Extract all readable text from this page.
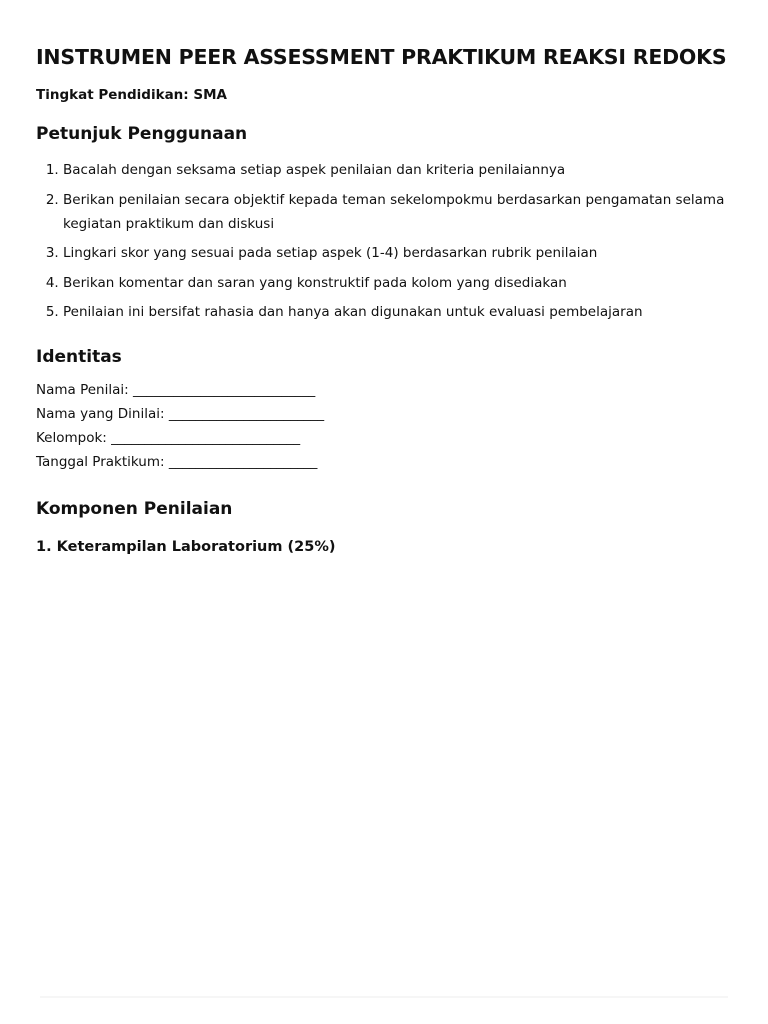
INSTRUMEN PEER ASSESSMENT PRAKTIKUM REAKSI REDOKS

Tingkat Pendidikan: SMA

Petunjuk Penggunaan
1. Bacalah dengan seksama setiap aspek penilaian dan kriteria penilaiannya
2. Berikan penilaian secara objektif kepada teman sekelompokmu berdasarkan pengamatan selama kegiatan praktikum dan diskusi
3. Lingkari skor yang sesuai pada setiap aspek (1-4) berdasarkan rubrik penilaian
4. Berikan komentar dan saran yang konstruktif pada kolom yang disediakan
5. Penilaian ini bersifat rahasia dan hanya akan digunakan untuk evaluasi pembelajaran
Identitas
Nama Penilai: ___________________________
Nama yang Dinilai: _______________________
Kelompok: ____________________________
Tanggal Praktikum: ______________________
Komponen Penilaian
1. Keterampilan Laboratorium (25%)
